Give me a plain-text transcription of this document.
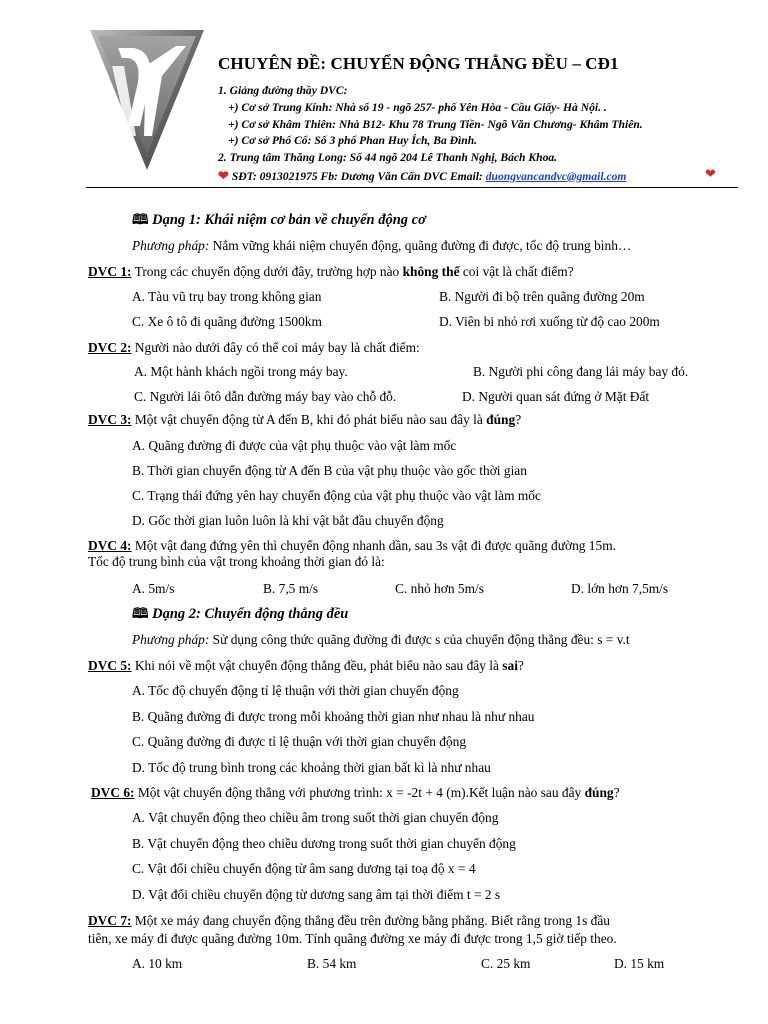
CHUYÊN ĐỀ: CHUYỂN ĐỘNG THẲNG ĐỀU – CĐ1
1. Giảng đường thầy DVC:
+) Cơ sở Trung Kính: Nhà số 19 - ngõ 257- phố Yên Hòa - Cầu Giấy- Hà Nội. .
+) Cơ sở Khâm Thiên: Nhà B12- Khu 78 Trung Tiền- Ngõ Văn Chương- Khâm Thiên.
+) Cơ sở Phố Cổ: Số 3 phố Phan Huy Ích, Ba Đình.
2. Trung tâm Thăng Long: Số 44 ngõ 204 Lê Thanh Nghị, Bách Khoa.
❤ SĐT: 0913021975 Fb: Dương Văn Cẩn DVC Email: duongvancandvc@gmail.com	❤
🕮 Dạng 1: Khái niệm cơ bản về chuyển động cơ
Phương pháp: Nắm vững khái niệm chuyển động, quãng đường đi được, tốc độ trung bình…
DVC 1: Trong các chuyển động dưới đây, trường hợp nào không thể coi vật là chất điểm?
A. Tàu vũ trụ bay trong không gian	B. Người đi bộ trên quãng đường 20m
C. Xe ô tô đi quãng đường 1500km	D. Viên bi nhỏ rơi xuống từ độ cao 200m
DVC 2: Người nào dưới đây có thể coi máy bay là chất điểm:
A. Một hành khách ngồi trong máy bay.	B. Người phi công đang lái máy bay đó.
C. Người lái ôtô dẫn đường máy bay vào chỗ đỗ.	D. Người quan sát đứng ở Mặt Đất
DVC 3: Một vật chuyển động từ A đến B, khi đó phát biểu nào sau đây là đúng?
A. Quãng đường đi được của vật phụ thuộc vào vật làm mốc
B. Thời gian chuyển động từ A đến B của vật phụ thuộc vào gốc thời gian
C. Trạng thái đứng yên hay chuyển động của vật phụ thuộc vào vật làm mốc
D. Gốc thời gian luôn luôn là khi vật bắt đầu chuyển động
DVC 4: Một vật đang đứng yên thì chuyển động nhanh dần, sau 3s vật đi được quãng đường 15m.
Tốc độ trung bình của vật trong khoảng thời gian đó là:
A. 5m/s	B. 7,5 m/s	C. nhỏ hơn 5m/s	D. lớn hơn 7,5m/s
🕮 Dạng 2: Chuyển động thẳng đều
Phương pháp: Sử dụng công thức quãng đường đi được s của chuyển động thẳng đều: s = v.t
DVC 5: Khi nói về một vật chuyển động thẳng đều, phát biểu nào sau đây là sai?
A. Tốc độ chuyển động tỉ lệ thuận với thời gian chuyển động
B. Quãng đường đi được trong mỗi khoảng thời gian như nhau là như nhau
C. Quãng đường đi được tỉ lệ thuận với thời gian chuyển động
D. Tốc độ trung bình trong các khoảng thời gian bất kì là như nhau
DVC 6: Một vật chuyển động thẳng với phương trình: x = -2t + 4 (m).Kết luận nào sau đây đúng?
A. Vật chuyển động theo chiều âm trong suốt thời gian chuyển động
B. Vật chuyển động theo chiều dương trong suốt thời gian chuyển động
C. Vật đổi chiều chuyển động từ âm sang dương tại toạ độ x = 4
D. Vật đổi chiều chuyển động từ dương sang âm tại thời điểm t = 2 s
DVC 7: Một xe máy đang chuyển động thẳng đều trên đường bằng phẳng. Biết rằng trong 1s đầu
tiên, xe máy đi được quãng đường 10m. Tính quãng đường xe máy đi được trong 1,5 giờ tiếp theo.
A. 10 km	B. 54 km	C. 25 km	D. 15 km
